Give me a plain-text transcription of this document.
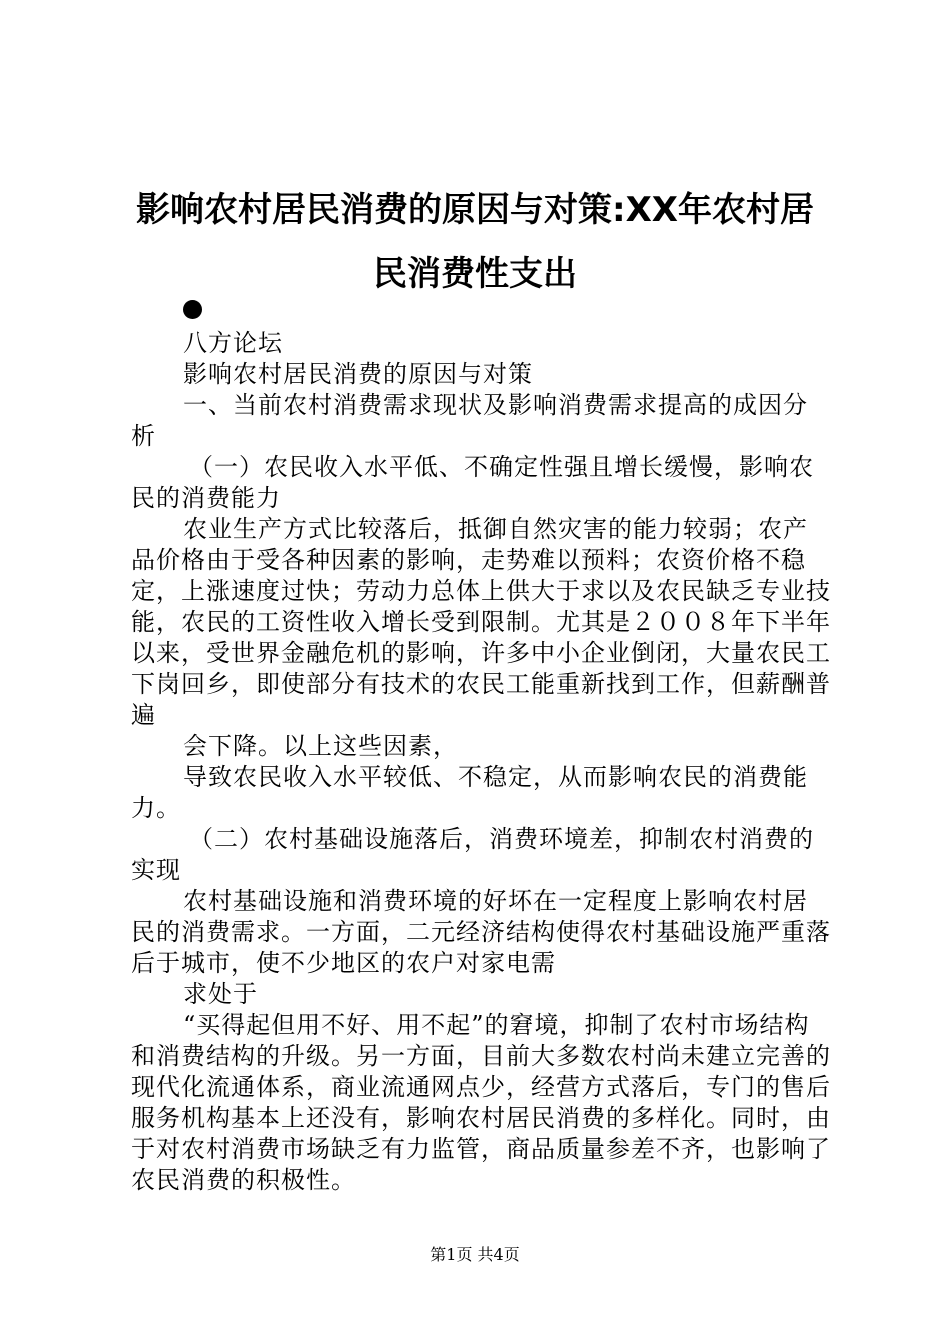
影响农村居民消费的原因与对策:XX年农村居民消费性支出

八方论坛

影响农村居民消费的原因与对策

一、当前农村消费需求现状及影响消费需求提高的成因分析

（一）农民收入水平低、不确定性强且增长缓慢，影响农民的消费能力

农业生产方式比较落后，抵御自然灾害的能力较弱；农产品价格由于受各种因素的影响，走势难以预料；农资价格不稳定，上涨速度过快；劳动力总体上供大于求以及农民缺乏专业技能，农民的工资性收入增长受到限制。尤其是２００８年下半年以来，受世界金融危机的影响，许多中小企业倒闭，大量农民工下岗回乡，即使部分有技术的农民工能重新找到工作，但薪酬普遍

会下降。以上这些因素，

导致农民收入水平较低、不稳定，从而影响农民的消费能力。

（二）农村基础设施落后，消费环境差，抑制农村消费的实现

农村基础设施和消费环境的好坏在一定程度上影响农村居民的消费需求。一方面，二元经济结构使得农村基础设施严重落后于城市，使不少地区的农户对家电需

求处于

“买得起但用不好、用不起”的窘境，抑制了农村市场结构和消费结构的升级。另一方面，目前大多数农村尚未建立完善的现代化流通体系，商业流通网点少，经营方式落后，专门的售后服务机构基本上还没有，影响农村居民消费的多样化。同时，由于对农村消费市场缺乏有力监管，商品质量参差不齐，也影响了农民消费的积极性。

第1页 共4页
